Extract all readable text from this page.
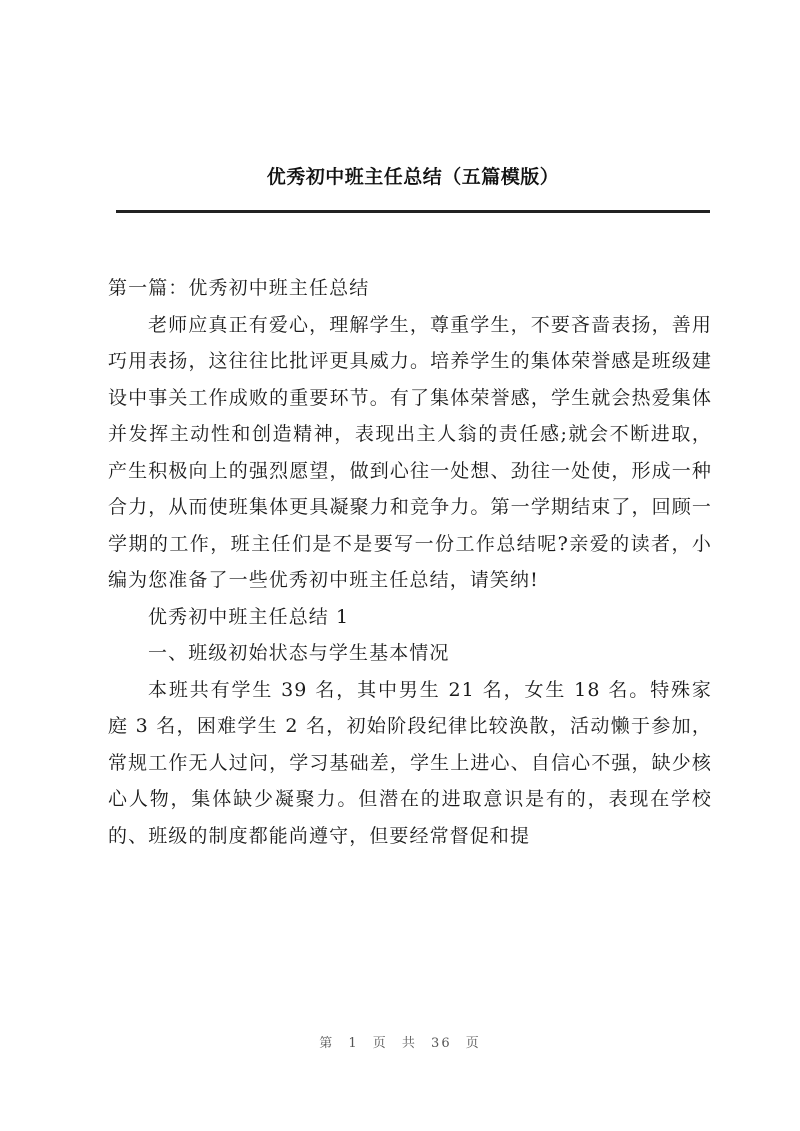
优秀初中班主任总结（五篇模版）

第一篇：优秀初中班主任总结

老师应真正有爱心，理解学生，尊重学生，不要吝啬表扬，善用巧用表扬，这往往比批评更具威力。培养学生的集体荣誉感是班级建设中事关工作成败的重要环节。有了集体荣誉感，学生就会热爱集体并发挥主动性和创造精神，表现出主人翁的责任感;就会不断进取，产生积极向上的强烈愿望，做到心往一处想、劲往一处使，形成一种合力，从而使班集体更具凝聚力和竞争力。第一学期结束了，回顾一学期的工作，班主任们是不是要写一份工作总结呢?亲爱的读者，小编为您准备了一些优秀初中班主任总结，请笑纳!

优秀初中班主任总结 1

一、班级初始状态与学生基本情况

本班共有学生 39 名，其中男生 21 名，女生 18 名。特殊家庭 3 名，困难学生 2 名，初始阶段纪律比较涣散，活动懒于参加，常规工作无人过问，学习基础差，学生上进心、自信心不强，缺少核心人物，集体缺少凝聚力。但潜在的进取意识是有的，表现在学校的、班级的制度都能尚遵守，但要经常督促和提

第 1 页 共 36 页
